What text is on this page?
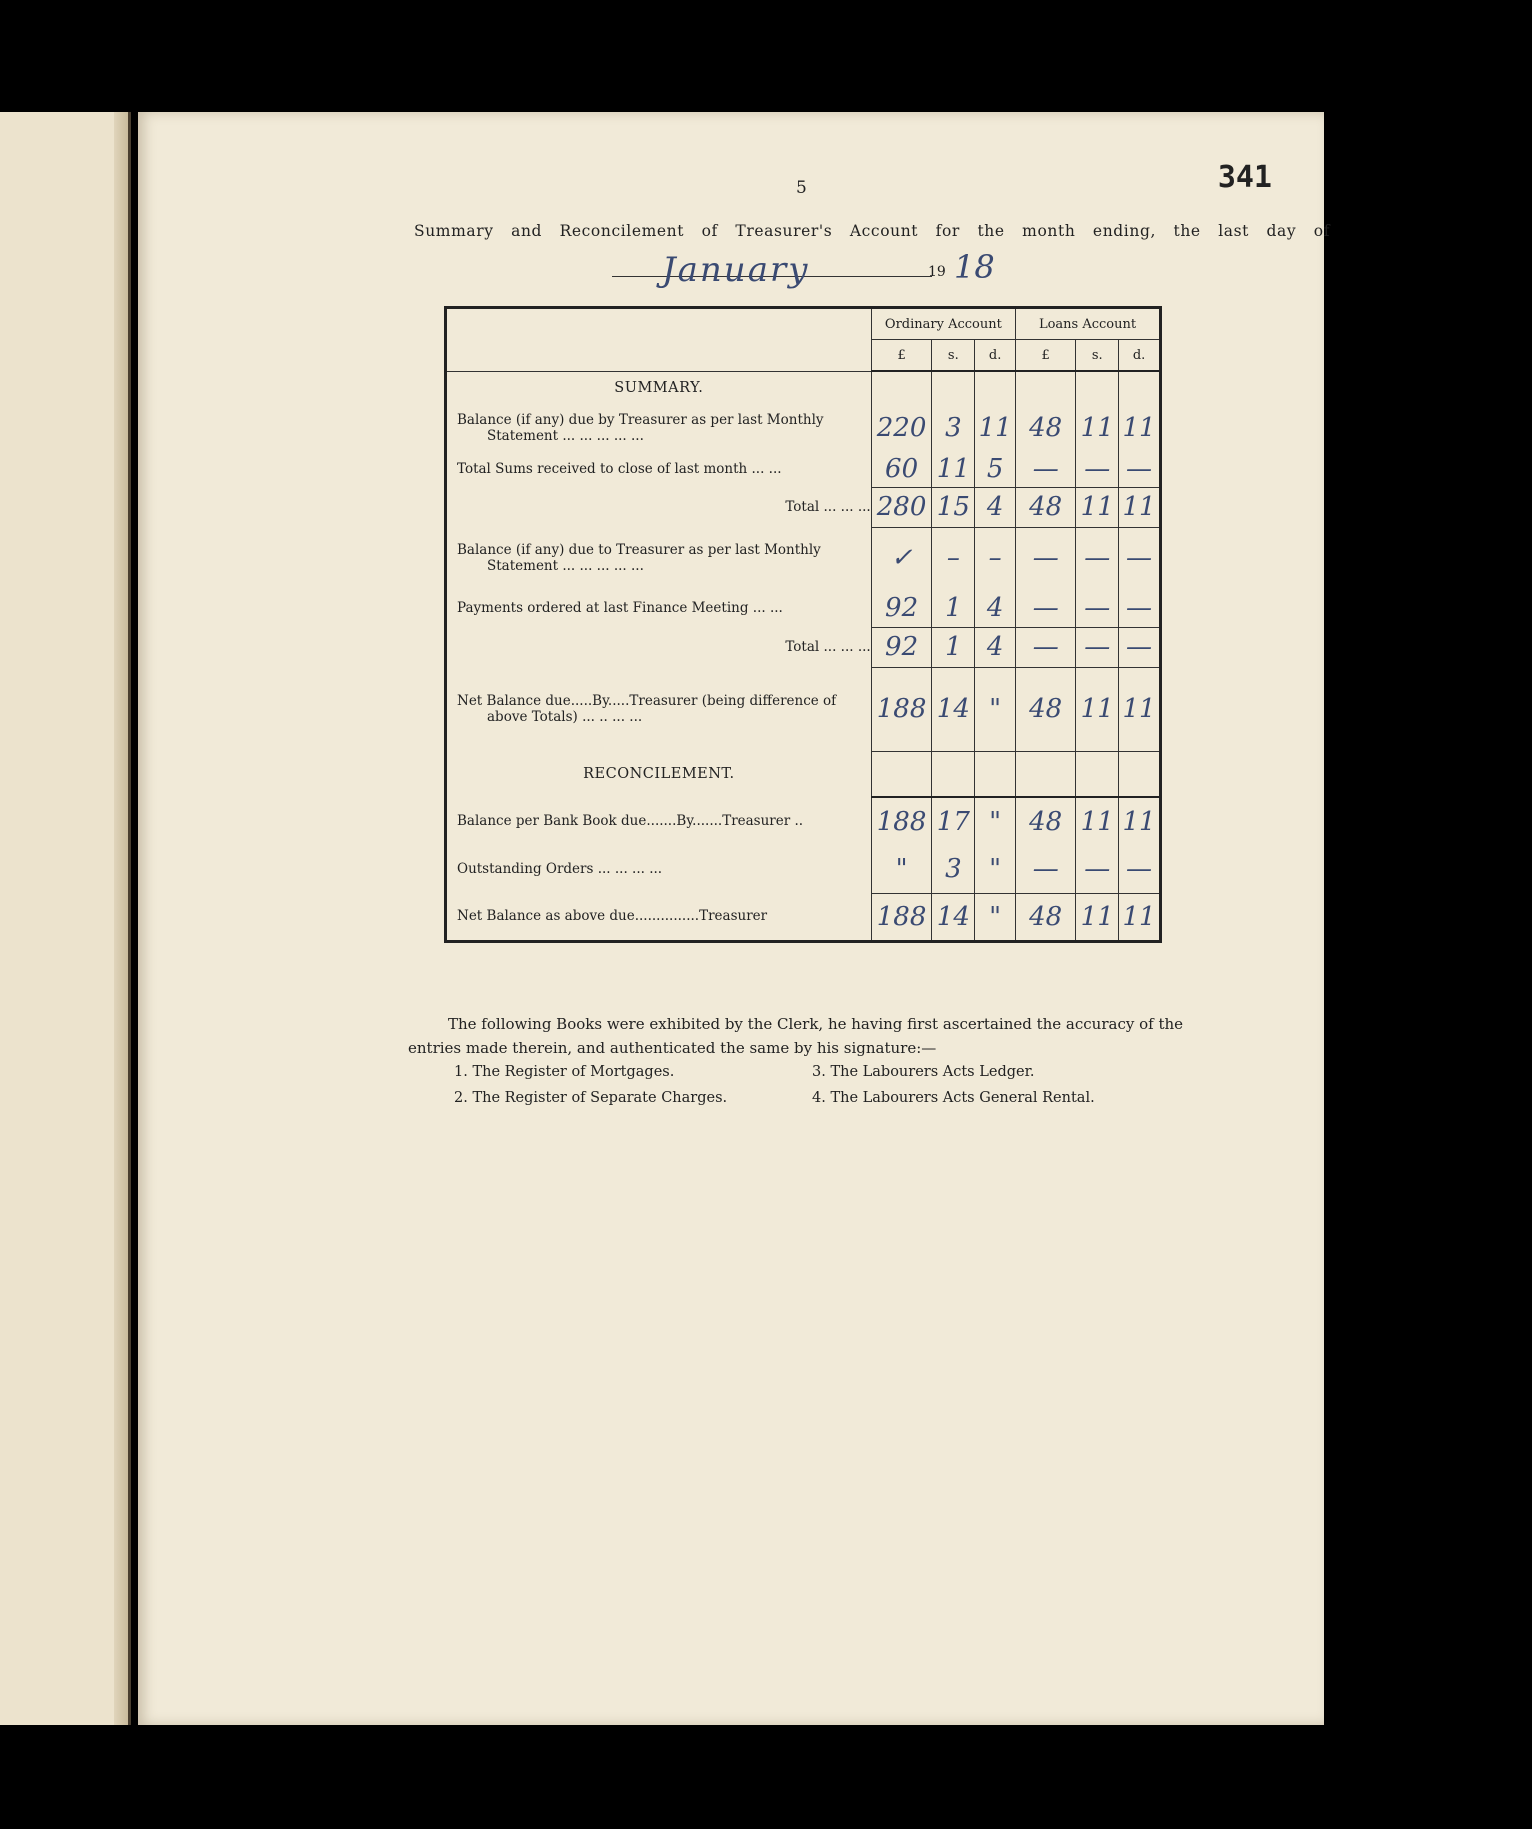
341
5
Summary and Reconcilement of Treasurer's Account for the month ending, the last day of
January	19 18
	Ordinary Account			Loans Account		
	£	s.	d.	£	s.	d.
SUMMARY.						
Balance (if any) due by Treasurer as per last Monthly
Statement ... ... ... ... ...	220	3	11	48	11	11
Total Sums received to close of last month ... ...	60	11	5	—	—	—
Total ... ... ...	280	15	4	48	11	11
Balance (if any) due to Treasurer as per last Monthly
Statement ... ... ... ... ...	✓	–	–	—	—	—
Payments ordered at last Finance Meeting ... ...	92	1	4	—	—	—
Total ... ... ...	92	1	4	—	—	—
Net Balance due.....By.....Treasurer (being difference of
above Totals) ... .. ... ...	188	14	"	48	11	11
RECONCILEMENT.						
Balance per Bank Book due.......By.......Treasurer ..	188	17	"	48	11	11
Outstanding Orders ... ... ... ...	"	3	"	—	—	—
Net Balance as above due...............Treasurer	188	14	"	48	11	11

The following Books were exhibited by the Clerk, he having first ascertained the accuracy of the entries made therein, and authenticated the same by his signature:—

1. The Register of Mortgages.
2. The Register of Separate Charges.
3. The Labourers Acts Ledger.
4. The Labourers Acts General Rental.
